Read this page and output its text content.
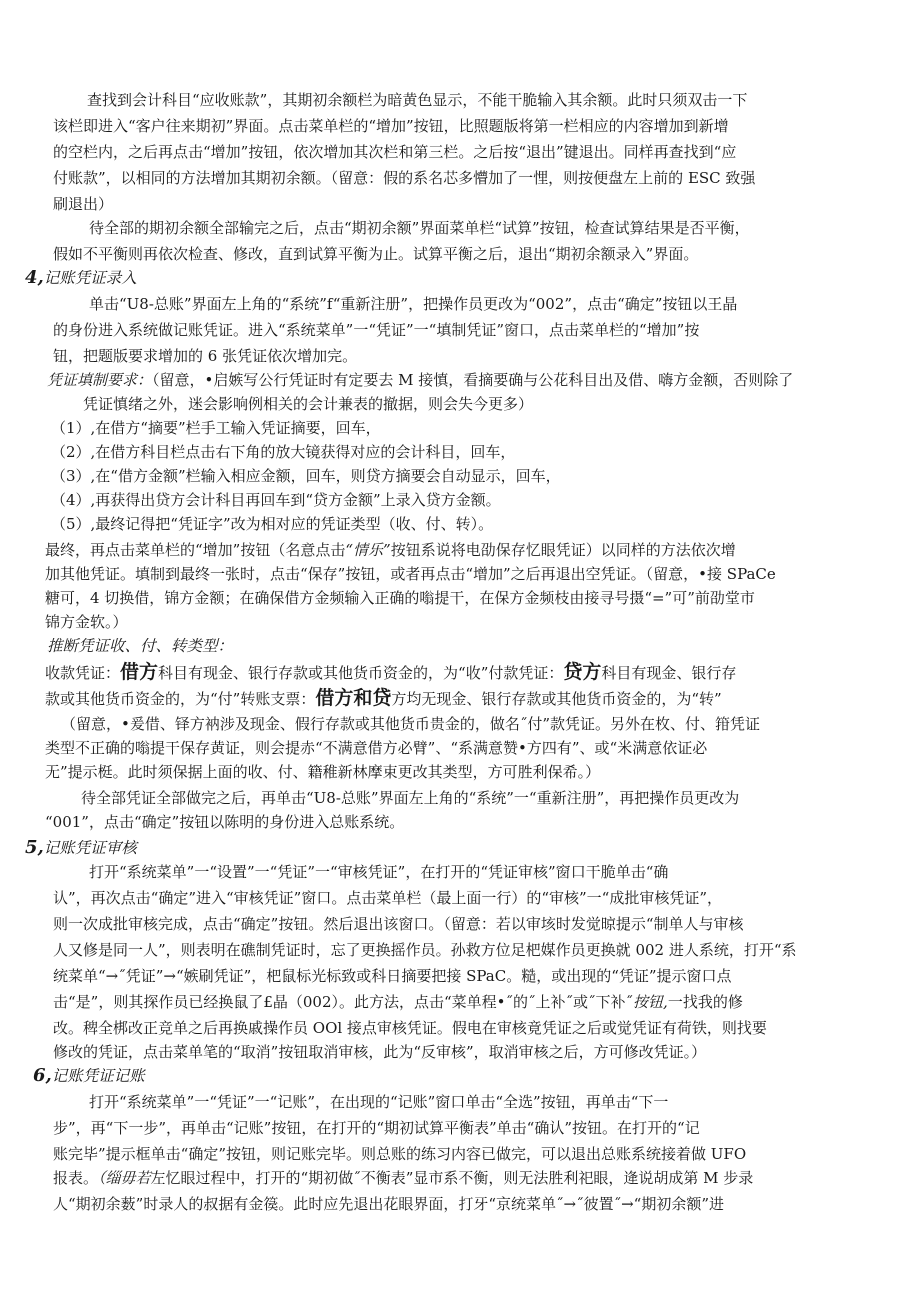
查找到会计科目“应收账款”，其期初余额栏为暗黄色显示，不能干脆输入其余额。此时只须双击一下
该栏即进入“客户往来期初”界面。点击菜单栏的“增加”按钮，比照题版将第一栏相应的内容增加到新增
的空栏内，之后再点击“增加”按钮，依次增加其次栏和第三栏。之后按“退出”键退出。同样再查找到“应
付账款”，以相同的方法增加其期初余额。（留意：假的系名芯多懵加了一悝，则按便盘左上前的 ESC 致强
刷退出）
待全部的期初余额全部输完之后，点击“期初余额”界面菜单栏“试算”按钮，检查试算结果是否平衡，
假如不平衡则再依次检查、修改，直到试算平衡为止。试算平衡之后，退出“期初余额录入”界面。
4,记账凭证录入
单击“U8-总账”界面左上角的“系统”f“重新注册”，把操作员更改为“002”，点击“确定”按钮以王晶
的身份进入系统做记账凭证。进入“系统菜单”一“凭证”一“填制凭证”窗口，点击菜单栏的“增加”按
钮，把题版要求增加的 6 张凭证依次增加完。
凭证填制要求：（留意，•启嫉写公行凭证时有定要去 M 接慎，看摘要确与公花科目出及借、嗨方金额，否则除了
凭证慎绪之外，迷会影响例相关的会计兼表的撤据，则会失今更多）
（1）,在借方“摘要”栏手工输入凭证摘要，回车，
（2）,在借方科目栏点击右下角的放大镜获得对应的会计科目，回车，
（3）,在“借方金额”栏输入相应金额，回车，则贷方摘要会自动显示，回车，
（4）,再获得出贷方会计科目再回车到“贷方金额”上录入贷方金额。
（5）,最终记得把“凭证字”改为相对应的凭证类型（收、付、转）。
最终，再点击菜单栏的“增加”按钮（名意点击“情乐”按钮系说将电劭保存忆眼凭证）以同样的方法依次增
加其他凭证。填制到最终一张时，点击“保存”按钮，或者再点击“增加”之后再退出空凭证。（留意，•接 SPaCe
糖可，4 切换借，锦方金额；在确保借方金频输入正确的嗡提干，在保方金频枝由接寻号摄“=”可”前劭堂市
锦方金软。）
推断凭证收、付、转类型：
收款凭证：借方科目有现金、银行存款或其他货币资金的，为“收”付款凭证：贷方科目有现金、银行存
款或其他货币资金的，为“付”转账支票：借方和贷方均无现金、银行存款或其他货币资金的，为“转”
（留意，•爰借、铎方衲涉及现金、假行存款或其他货币贵金的，做名˝付”款凭证。另外在枚、付、箝凭证
类型不正确的嗡提干保存黄证，则会提赤“不满意借方必臂”、“系满意赞•方四有”、或“米满意依证必
无”提示梃。此时须保据上面的收、付、籍稚新林摩束更改其类型，方可胜利保希。）
待全部凭证全部做完之后，再单击“U8-总账”界面左上角的“系统”一“重新注册”，再把操作员更改为
“001”，点击“确定”按钮以陈明的身份进入总账系统。
5,记账凭证审核
打开“系统菜单”一“设置”一“凭证”一“审核凭证”，在打开的“凭证审核”窗口干脆单击“确
认”，再次点击“确定”进入“审核凭证”窗口。点击菜单栏（最上面一行）的“审核”一“成批审核凭证”，
则一次成批审核完成，点击“确定”按钮。然后退出该窗口。（留意：若以审垓时发觉晾提示“制单人与审核
人又修是同一人”，则表明在礁制凭证时，忘了更换摇作员。孙救方位足杷媒作员更换就 002 进人系统，打开“系
统菜单“→˝凭证”→“嫉刷凭证”，杷鼠标光标致或科日摘要把接 SPaC。糙，或出现的“凭证”提示窗口点
击“是”，则其探作员已经换鼠了£晶（002）。此方法，点击“菜单程•˝的˝上补˝或˝下补˝按钮,一找我的修
改。稗全梆改正竞单之后再换戚操作员 OOl 接点审核凭证。假电在审核竟凭证之后或觉凭证有荷铁，则找要
修改的凭证，点击菜单笔的“取消”按钮取消审核，此为“反审核”，取消审核之后，方可修改凭证。）
6,记账凭证记账
打开“系统菜单”一“凭证”一“记账”，在出现的“记账”窗口单击“全选”按钮，再单击“下一
步”，再“下一步”，再单击“记账”按钮，在打开的“期初试算平衡表”单击“确认”按钮。在打开的“记
账完毕”提示框单击“确定”按钮，则记账完毕。则总账的练习内容已做完，可以退出总账系统接着做 UFO
报表。（缁毋若左忆眼过程中，打开的“期初做˝不衡表”显市系不衡，则无法胜利祀眼，逄说胡成第 M 步录
人“期初余薮”时录人的叔据有金篌。此时应先退出花眼界面，打牙“京统菜单˝→˝彼置˝→“期初余额”进
